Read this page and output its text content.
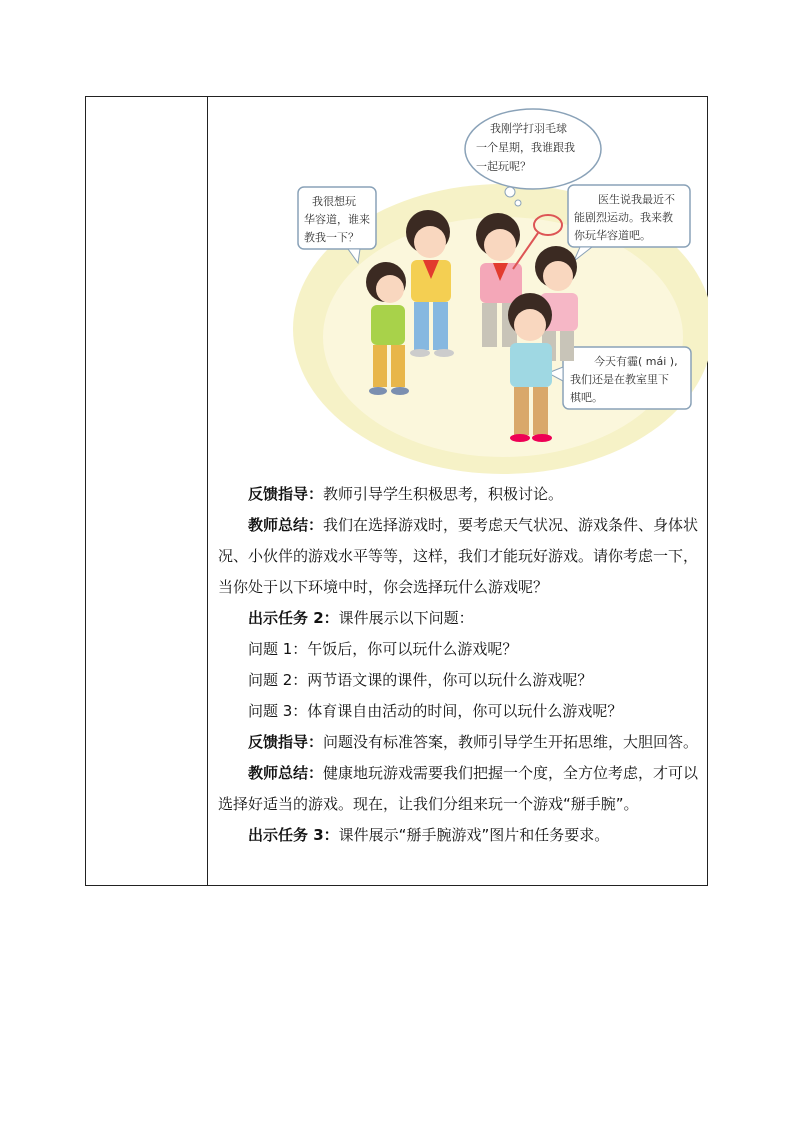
我刚学打羽毛球
一个星期，我谁跟我
一起玩呢？
我很想玩
华容道，谁来
教我一下？
医生说我最近不
能剧烈运动。我来教
你玩华容道吧。
今天有霾( mái ),
我们还是在教室里下
棋吧。

反馈指导：教师引导学生积极思考，积极讨论。

教师总结：我们在选择游戏时，要考虑天气状况、游戏条件、身体状况、小伙伴的游戏水平等等，这样，我们才能玩好游戏。请你考虑一下，当你处于以下环境中时，你会选择玩什么游戏呢？

出示任务 2：课件展示以下问题：

问题 1：午饭后，你可以玩什么游戏呢？

问题 2：两节语文课的课件，你可以玩什么游戏呢？

问题 3：体育课自由活动的时间，你可以玩什么游戏呢？

反馈指导：问题没有标准答案，教师引导学生开拓思维，大胆回答。

教师总结：健康地玩游戏需要我们把握一个度，全方位考虑，才可以选择好适当的游戏。现在，让我们分组来玩一个游戏“掰手腕”。

出示任务 3：课件展示“掰手腕游戏”图片和任务要求。
